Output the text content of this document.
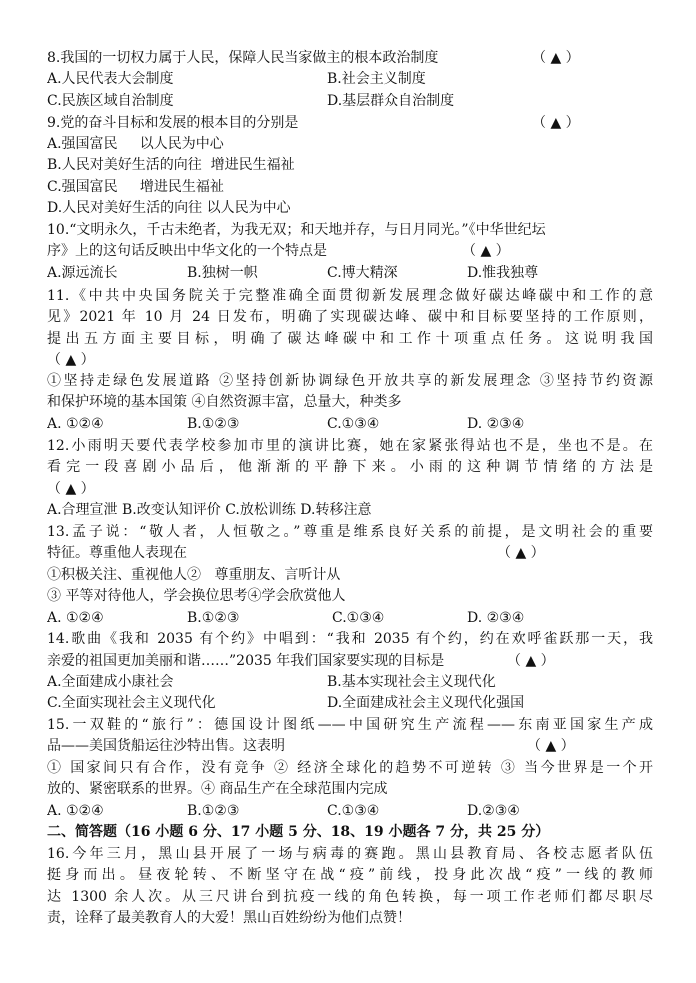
8.我国的一切权力属于人民，保障人民当家做主的根本政治制度	（ ▲ ）
A.人民代表大会制度	B.社会主义制度
C.民族区域自治制度	D.基层群众自治制度
9.党的奋斗目标和发展的根本目的分别是	（ ▲ ）
A.强国富民     以人民为中心
B.人民对美好生活的向往  增进民生福祉
C.强国富民     增进民生福祉
D.人民对美好生活的向往 以人民为中心
10.“文明永久，千古未绝者，为我无双；和天地并存，与日月同光。”《中华世纪坛
序》上的这句话反映出中华文化的一个特点是	（ ▲ ）
A.源远流长	B.独树一帜	C.博大精深	D.惟我独尊
11.《中共中央国务院关于完整准确全面贯彻新发展理念做好碳达峰碳中和工作的意
见》2021 年 10 月 24 日发布，明确了实现碳达峰、碳中和目标要坚持的工作原则，
提出五方面主要目标，明确了碳达峰碳中和工作十项重点任务。这说明我国
（ ▲ ）
①坚持走绿色发展道路 ②坚持创新协调绿色开放共享的新发展理念 ③坚持节约资源
和保护环境的基本国策 ④自然资源丰富，总量大，种类多
A. ①②④	B.①②③	C.①③④	D. ②③④
12.小雨明天要代表学校参加市里的演讲比赛，她在家紧张得站也不是，坐也不是。在
看完一段喜剧小品后，他渐渐的平静下来。小雨的这种调节情绪的方法是
（ ▲ ）
A.合理宣泄 B.改变认知评价 C.放松训练 D.转移注意
13.孟子说：“敬人者，人恒敬之。”尊重是维系良好关系的前提，是文明社会的重要
特征。尊重他人表现在	（ ▲ ）
①积极关注、重视他人②   尊重朋友、言听计从
③ 平等对待他人，学会换位思考④学会欣赏他人
A. ①②④	B.①②③	C.①③④	D. ②③④
14.歌曲《我和 2035 有个约》中唱到：“我和 2035 有个约，约在欢呼雀跃那一天，我
亲爱的祖国更加美丽和谐……”2035 年我们国家要实现的目标是	（ ▲ ）
A.全面建成小康社会	B.基本实现社会主义现代化
C.全面实现社会主义现代化	D.全面建成社会主义现代化强国
15.一双鞋的“旅行”：德国设计图纸——中国研究生产流程——东南亚国家生产成
品——美国货船运往沙特出售。这表明	（ ▲ ）
① 国家间只有合作，没有竞争 ② 经济全球化的趋势不可逆转 ③ 当今世界是一个开
放的、紧密联系的世界。④ 商品生产在全球范围内完成
A. ①②④	B.①②③	C.①③④	D.②③④
二、简答题（16 小题 6 分、17 小题 5 分、18、19 小题各 7 分，共 25 分）
16.今年三月，黑山县开展了一场与病毒的赛跑。黑山县教育局、各校志愿者队伍
挺身而出。昼夜轮转、不断坚守在战“疫”前线，投身此次战“疫”一线的教师
达 1300 余人次。从三尺讲台到抗疫一线的角色转换，每一项工作老师们都尽职尽
责，诠释了最美教育人的大爱！黑山百姓纷纷为他们点赞！
